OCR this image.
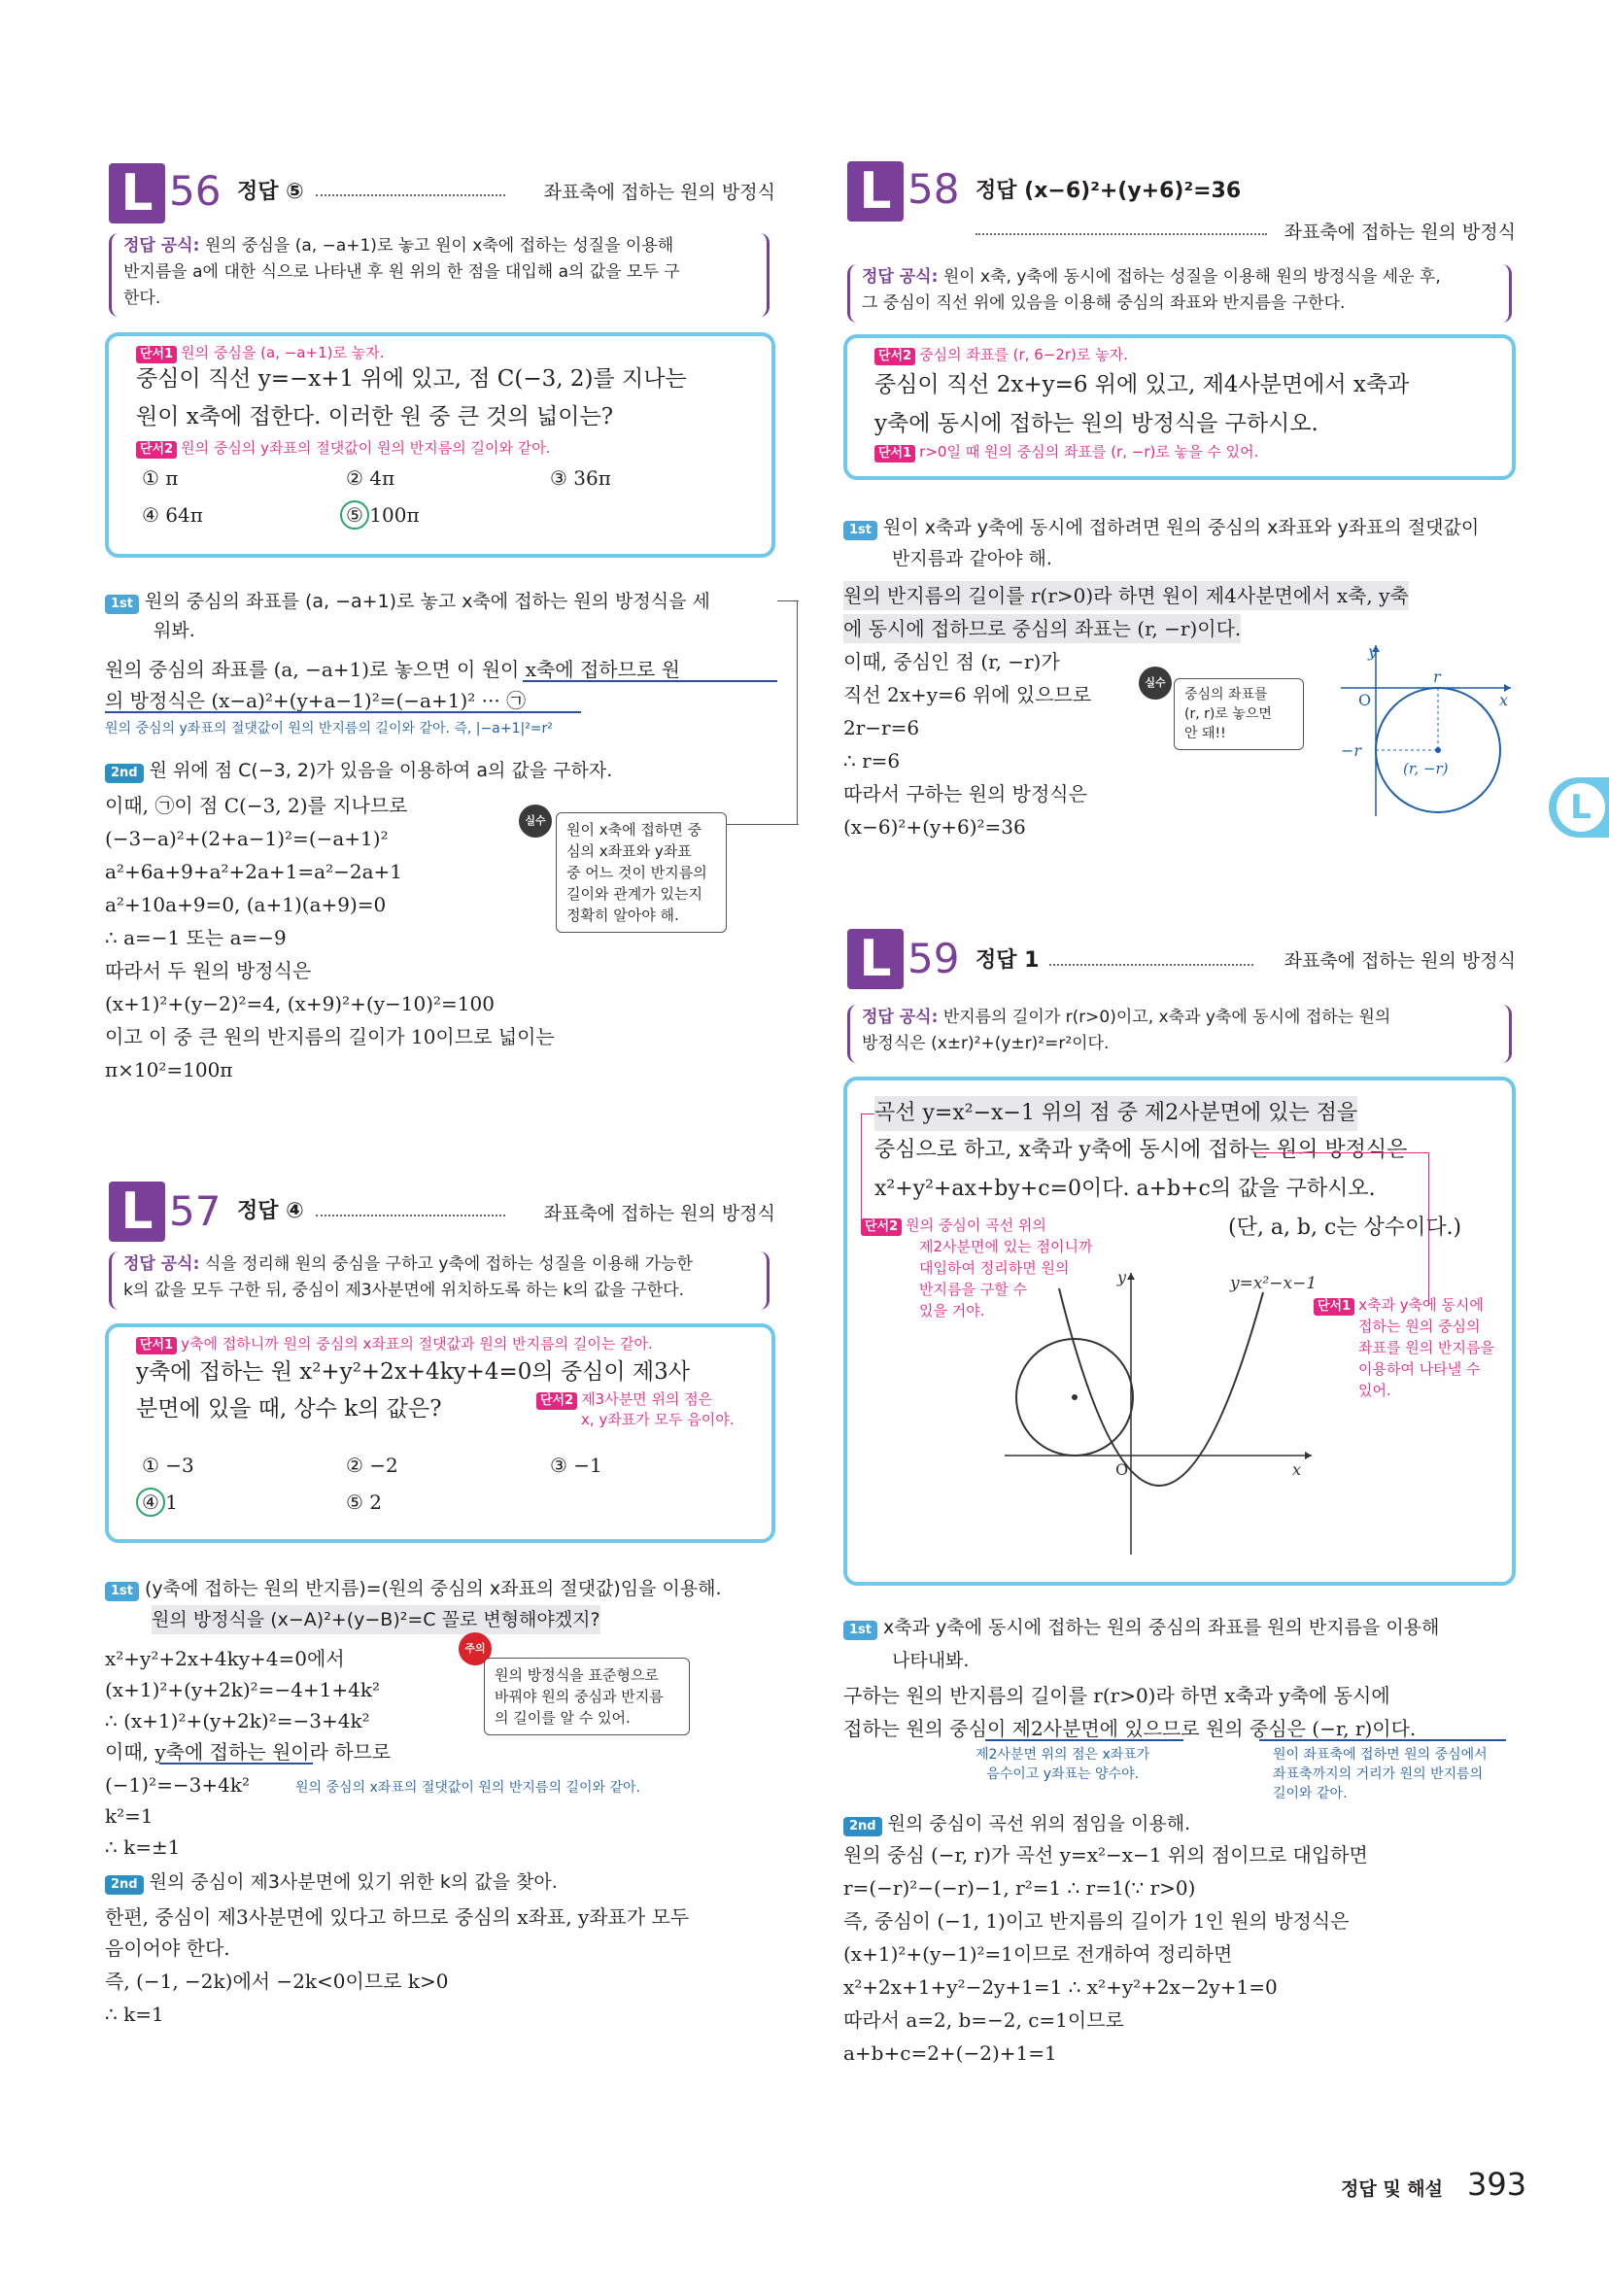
L 56 정답 ⑤	좌표축에 접하는 원의 방정식
정답 공식: 원의 중심을 (a, −a+1)로 놓고 원이 x축에 접하는 성질을 이용해
반지름을 a에 대한 식으로 나타낸 후 원 위의 한 점을 대입해 a의 값을 모두 구
한다.
단서1 원의 중심을 (a, −a+1)로 놓자.
중심이 직선 y=−x+1 위에 있고, 점 C(−3, 2)를 지나는
원이 x축에 접한다. 이러한 원 중 큰 것의 넓이는?
단서2 원의 중심의 y좌표의 절댓값이 원의 반지름의 길이와 같아.
① π	② 4π	③ 36π
④ 64π	⑤ 100π
1st 원의 중심의 좌표를 (a, −a+1)로 놓고 x축에 접하는 원의 방정식을 세
워봐.
원의 중심의 좌표를 (a, −a+1)로 놓으면 이 원이 x축에 접하므로 원
의 방정식은 (x−a)²+(y+a−1)²=(−a+1)² ··· ㉠
원의 중심의 y좌표의 절댓값이 원의 반지름의 길이와 같아. 즉, |−a+1|²=r²
2nd 원 위에 점 C(−3, 2)가 있음을 이용하여 a의 값을 구하자.
이때, ㉠이 점 C(−3, 2)를 지나므로
(−3−a)²+(2+a−1)²=(−a+1)²
a²+6a+9+a²+2a+1=a²−2a+1
a²+10a+9=0, (a+1)(a+9)=0
∴ a=−1 또는 a=−9
따라서 두 원의 방정식은
(x+1)²+(y−2)²=4, (x+9)²+(y−10)²=100
이고 이 중 큰 원의 반지름의 길이가 10이므로 넓이는
π×10²=100π
실수
원이 x축에 접하면 중
심의 x좌표와 y좌표
중 어느 것이 반지름의
길이와 관계가 있는지
정확히 알아야 해.
L 57 정답 ④	좌표축에 접하는 원의 방정식
정답 공식: 식을 정리해 원의 중심을 구하고 y축에 접하는 성질을 이용해 가능한
k의 값을 모두 구한 뒤, 중심이 제3사분면에 위치하도록 하는 k의 값을 구한다.
단서1 y축에 접하니까 원의 중심의 x좌표의 절댓값과 원의 반지름의 길이는 같아.
y축에 접하는 원 x²+y²+2x+4ky+4=0의 중심이 제3사
분면에 있을 때, 상수 k의 값은?	단서2 제3사분면 위의 점은
x, y좌표가 모두 음이야.
① −3	② −2	③ −1
④ 1	⑤ 2
1st (y축에 접하는 원의 반지름)=(원의 중심의 x좌표의 절댓값)임을 이용해.
원의 방정식을 (x−A)²+(y−B)²=C 꼴로 변형해야겠지?
x²+y²+2x+4ky+4=0에서
(x+1)²+(y+2k)²=−4+1+4k²
∴ (x+1)²+(y+2k)²=−3+4k²
이때, y축에 접하는 원이라 하므로
(−1)²=−3+4k²	원의 중심의 x좌표의 절댓값이 원의 반지름의 길이와 같아.
k²=1
∴ k=±1
주의
원의 방정식을 표준형으로
바꿔야 원의 중심과 반지름
의 길이를 알 수 있어.
2nd 원의 중심이 제3사분면에 있기 위한 k의 값을 찾아.
한편, 중심이 제3사분면에 있다고 하므로 중심의 x좌표, y좌표가 모두
음이어야 한다.
즉, (−1, −2k)에서 −2k<0이므로 k>0
∴ k=1
L 58 정답 (x−6)²+(y+6)²=36
좌표축에 접하는 원의 방정식
정답 공식: 원이 x축, y축에 동시에 접하는 성질을 이용해 원의 방정식을 세운 후,
그 중심이 직선 위에 있음을 이용해 중심의 좌표와 반지름을 구한다.
단서2 중심의 좌표를 (r, 6−2r)로 놓자.
중심이 직선 2x+y=6 위에 있고, 제4사분면에서 x축과
y축에 동시에 접하는 원의 방정식을 구하시오.
단서1 r>0일 때 원의 중심의 좌표를 (r, −r)로 놓을 수 있어.
1st 원이 x축과 y축에 동시에 접하려면 원의 중심의 x좌표와 y좌표의 절댓값이
반지름과 같아야 해.
원의 반지름의 길이를 r(r>0)라 하면 원이 제4사분면에서 x축, y축
에 동시에 접하므로 중심의 좌표는 (r, −r)이다.
이때, 중심인 점 (r, −r)가
직선 2x+y=6 위에 있으므로
2r−r=6
∴ r=6
따라서 구하는 원의 방정식은
(x−6)²+(y+6)²=36
실수
중심의 좌표를
(r, r)로 놓으면
안 돼!!
y
x
O
r
−r
(r, −r)
L
L 59 정답 1	좌표축에 접하는 원의 방정식
정답 공식: 반지름의 길이가 r(r>0)이고, x축과 y축에 동시에 접하는 원의
방정식은 (x±r)²+(y±r)²=r²이다.
곡선 y=x²−x−1 위의 점 중 제2사분면에 있는 점을
중심으로 하고, x축과 y축에 동시에 접하는 원의 방정식은
x²+y²+ax+by+c=0이다. a+b+c의 값을 구하시오.
(단, a, b, c는 상수이다.)
단서2 원의 중심이 곡선 위의
제2사분면에 있는 점이니까
대입하여 정리하면 원의
반지름을 구할 수
있을 거야.	단서1 x축과 y축에 동시에
접하는 원의 중심의
좌표를 원의 반지름을
이용하여 나타낼 수
있어.
y
x
O
y=x²−x−1
1st x축과 y축에 동시에 접하는 원의 중심의 좌표를 원의 반지름을 이용해
나타내봐.
구하는 원의 반지름의 길이를 r(r>0)라 하면 x축과 y축에 동시에
접하는 원의 중심이 제2사분면에 있으므로 원의 중심은 (−r, r)이다.
제2사분면 위의 점은 x좌표가
음수이고 y좌표는 양수야.
원이 좌표축에 접하면 원의 중심에서
좌표축까지의 거리가 원의 반지름의
길이와 같아.
2nd 원의 중심이 곡선 위의 점임을 이용해.
원의 중심 (−r, r)가 곡선 y=x²−x−1 위의 점이므로 대입하면
r=(−r)²−(−r)−1, r²=1 ∴ r=1(∵ r>0)
즉, 중심이 (−1, 1)이고 반지름의 길이가 1인 원의 방정식은
(x+1)²+(y−1)²=1이므로 전개하여 정리하면
x²+2x+1+y²−2y+1=1 ∴ x²+y²+2x−2y+1=0
따라서 a=2, b=−2, c=1이므로
a+b+c=2+(−2)+1=1
정답 및 해설 393
